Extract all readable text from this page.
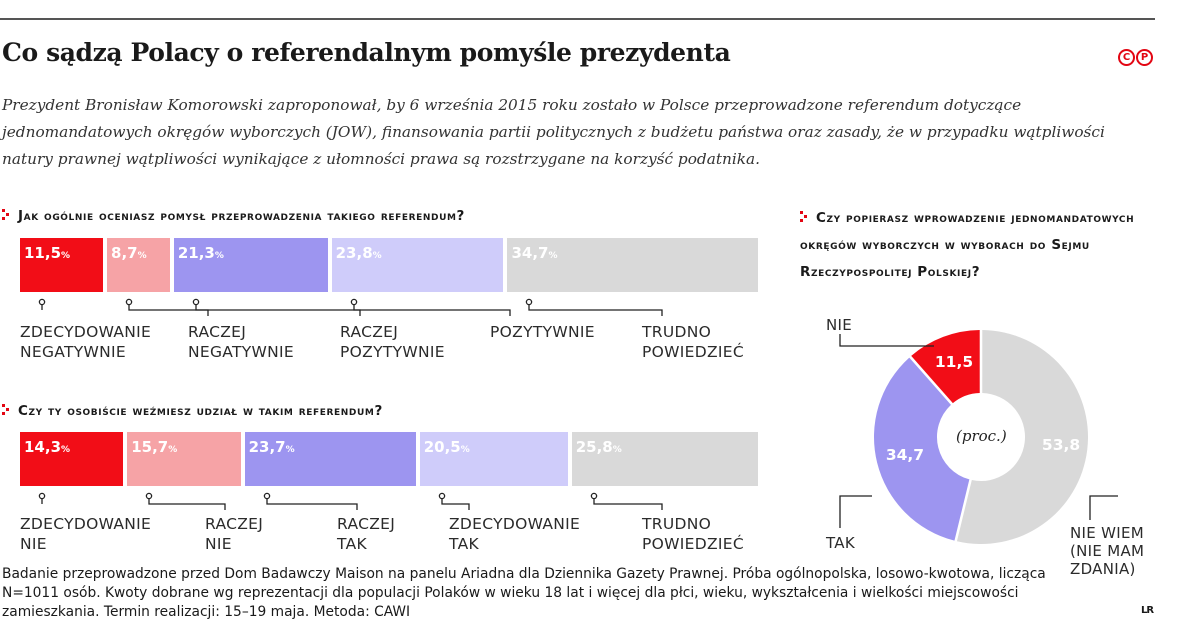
Co sądzą Polacy o referendalnym pomyśle prezydenta	C	P

Prezydent Bronisław Komorowski zaproponował, by 6 września 2015 roku zostało w Polsce przeprowadzone referendum dotyczące jednomandatowych okręgów wyborczych (JOW), finansowania partii politycznych z budżetu państwa oraz zasady, że w przypadku wątpliwości natury prawnej wątpliwości wynikające z ułomności prawa są rozstrzygane na korzyść podatnika.

Jak ogólnie oceniasz pomysł przeprowadzenia takiego referendum?
11,5%	8,7%	21,3%	23,8%	34,7%
ZDECYDOWANIE
NEGATYWNIE
RACZEJ
NEGATYWNIE
RACZEJ
POZYTYWNIE
POZYTYWNIE	TRUDNO
POWIEDZIEĆ
Czy ty osobiście weźmiesz udział w takim referendum?
14,3%	15,7%	23,7%	20,5%	25,8%
ZDECYDOWANIE
NIE
RACZEJ
NIE
RACZEJ
TAK
ZDECYDOWANIE
TAK
TRUDNO
POWIEDZIEĆ
Czy popierasz wprowadzenie jednomandatowych okręgów wyborczych w wyborach do Sejmu Rzeczypospolitej Polskiej?
11,5
53,8
34,7
(proc.)
NIE
TAK
NIE WIEM
(NIE MAM
ZDANIA)

Badanie przeprowadzone przed Dom Badawczy Maison na panelu Ariadna dla Dziennika Gazety Prawnej. Próba ogólnopolska, losowo-kwotowa, licząca N=1011 osób. Kwoty dobrane wg reprezentacji dla populacji Polaków w wieku 18 lat i więcej dla płci, wieku, wykształcenia i wielkości miejscowości zamieszkania. Termin realizacji: 15–19 maja. Metoda: CAWI	LR
